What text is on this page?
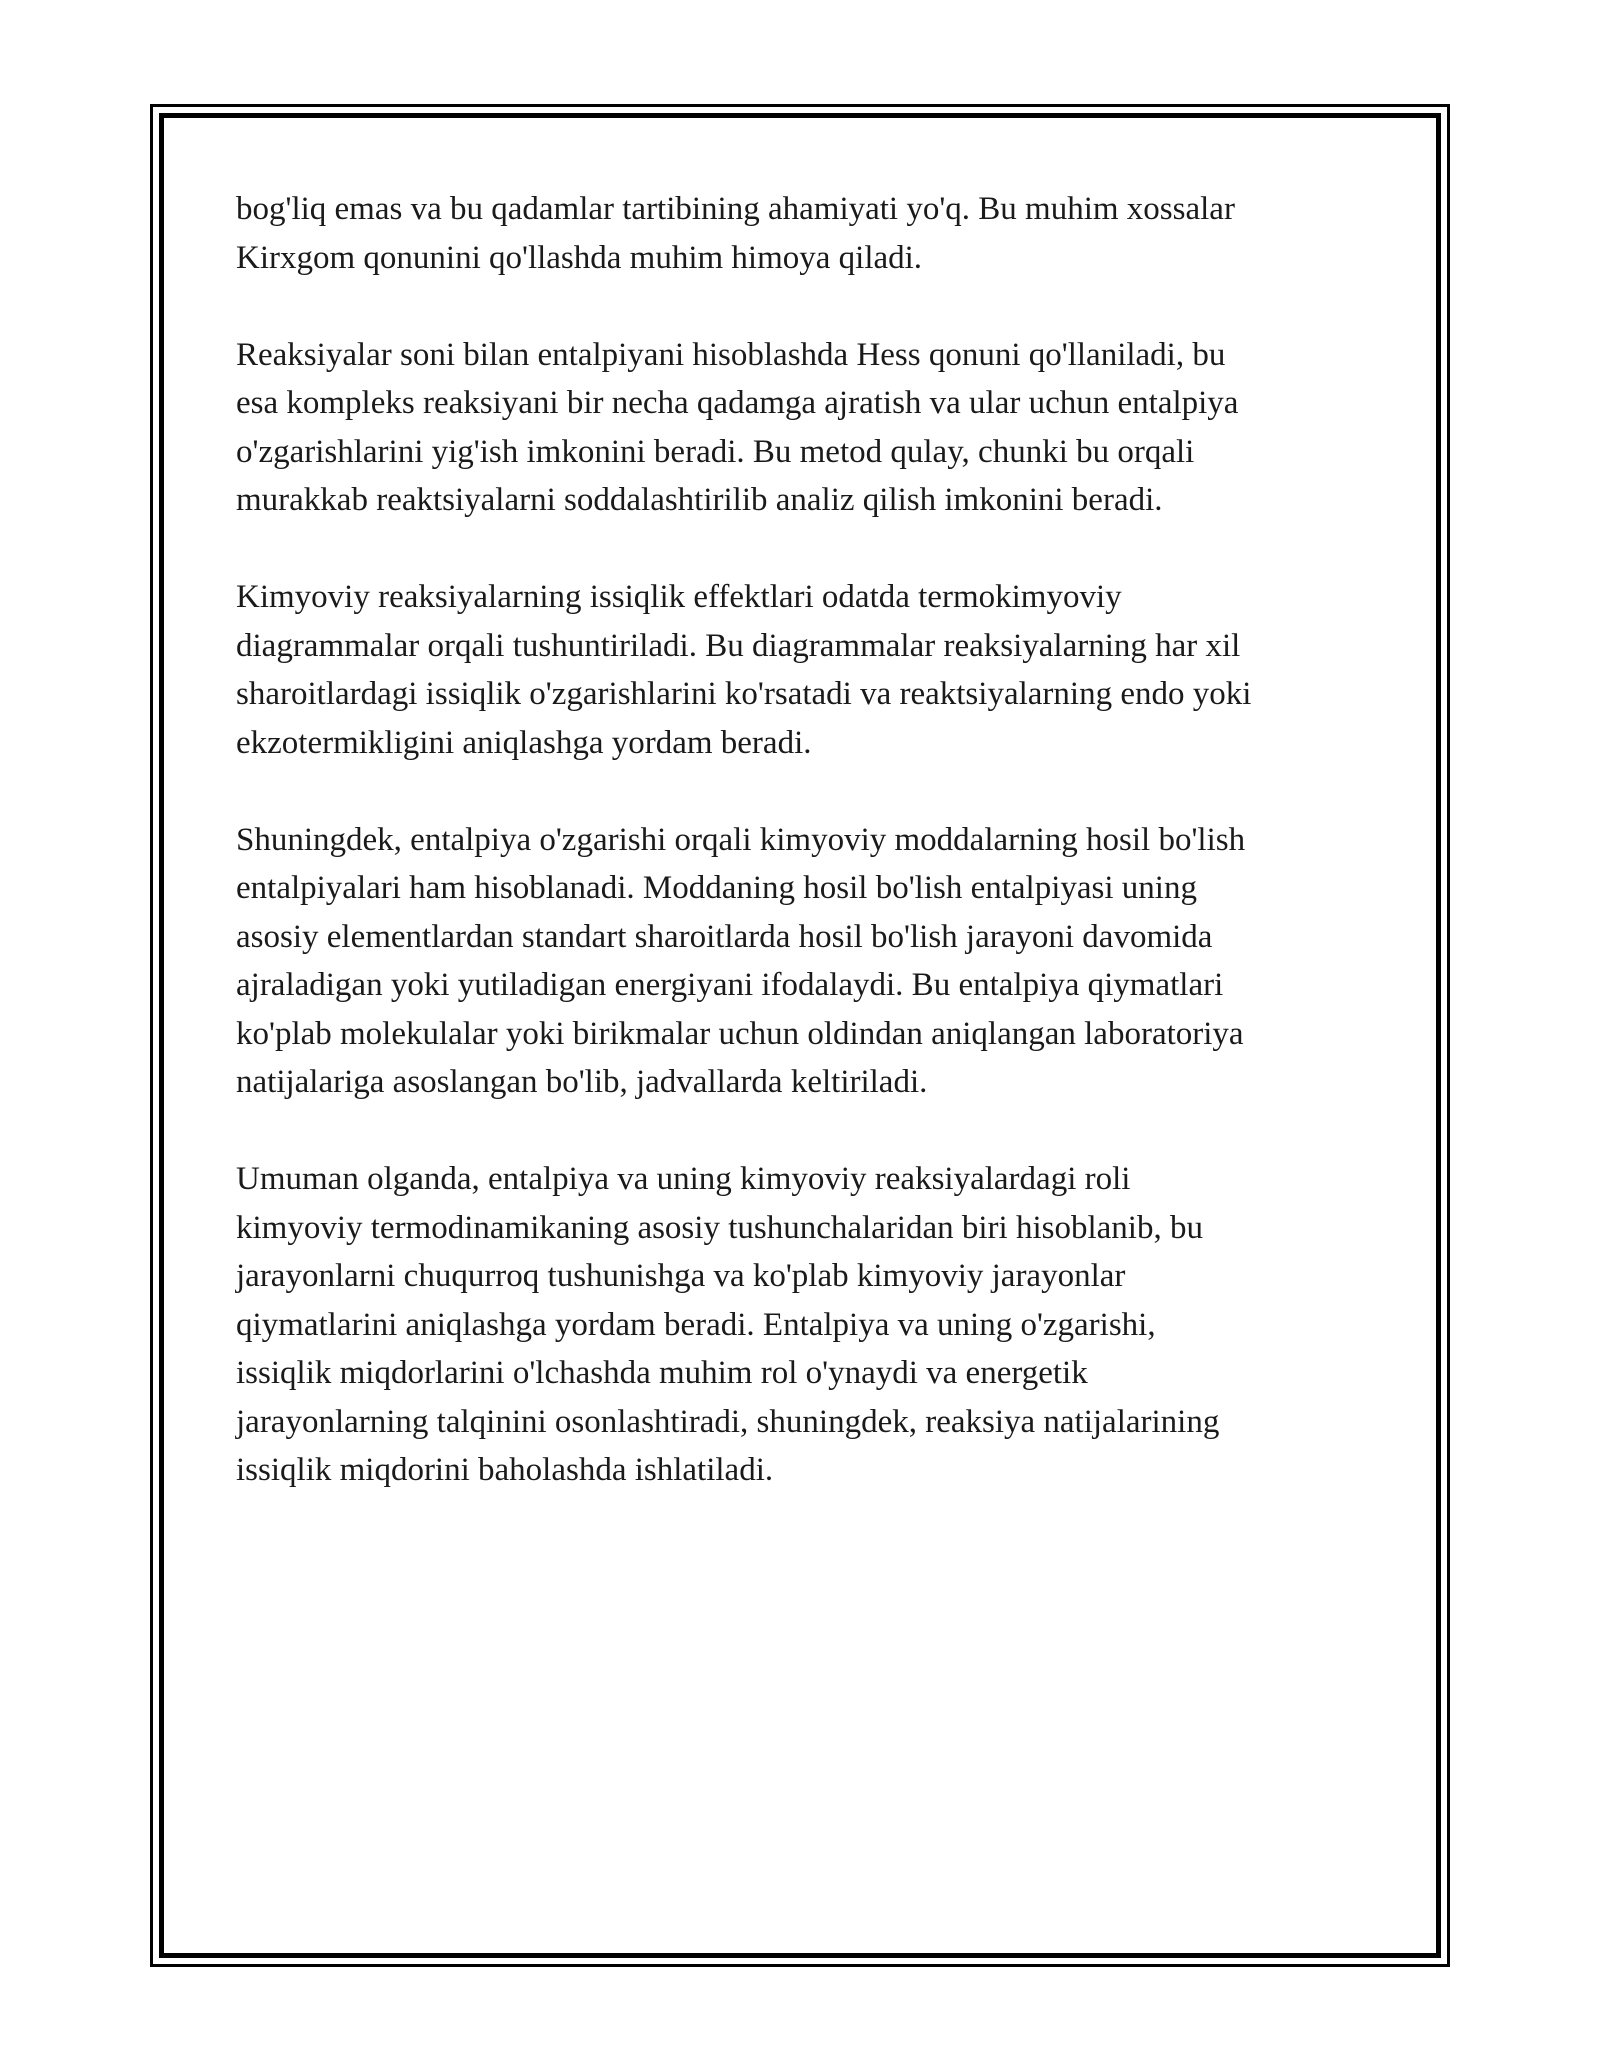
bog'liq emas va bu qadamlar tartibining ahamiyati yo'q. Bu muhim xossalar
Kirxgom qonunini qo'llashda muhim himoya qiladi.

Reaksiyalar soni bilan entalpiyani hisoblashda Hess qonuni qo'llaniladi, bu
esa kompleks reaksiyani bir necha qadamga ajratish va ular uchun entalpiya
o'zgarishlarini yig'ish imkonini beradi. Bu metod qulay, chunki bu orqali
murakkab reaktsiyalarni soddalashtirilib analiz qilish imkonini beradi.

Kimyoviy reaksiyalarning issiqlik effektlari odatda termokimyoviy
diagrammalar orqali tushuntiriladi. Bu diagrammalar reaksiyalarning har xil
sharoitlardagi issiqlik o'zgarishlarini ko'rsatadi va reaktsiyalarning endo yoki
ekzotermikligini aniqlashga yordam beradi.

Shuningdek, entalpiya o'zgarishi orqali kimyoviy moddalarning hosil bo'lish
entalpiyalari ham hisoblanadi. Moddaning hosil bo'lish entalpiyasi uning
asosiy elementlardan standart sharoitlarda hosil bo'lish jarayoni davomida
ajraladigan yoki yutiladigan energiyani ifodalaydi. Bu entalpiya qiymatlari
ko'plab molekulalar yoki birikmalar uchun oldindan aniqlangan laboratoriya
natijalariga asoslangan bo'lib, jadvallarda keltiriladi.

Umuman olganda, entalpiya va uning kimyoviy reaksiyalardagi roli
kimyoviy termodinamikaning asosiy tushunchalaridan biri hisoblanib, bu
jarayonlarni chuqurroq tushunishga va ko'plab kimyoviy jarayonlar
qiymatlarini aniqlashga yordam beradi. Entalpiya va uning o'zgarishi,
issiqlik miqdorlarini o'lchashda muhim rol o'ynaydi va energetik
jarayonlarning talqinini osonlashtiradi, shuningdek, reaksiya natijalarining
issiqlik miqdorini baholashda ishlatiladi.
